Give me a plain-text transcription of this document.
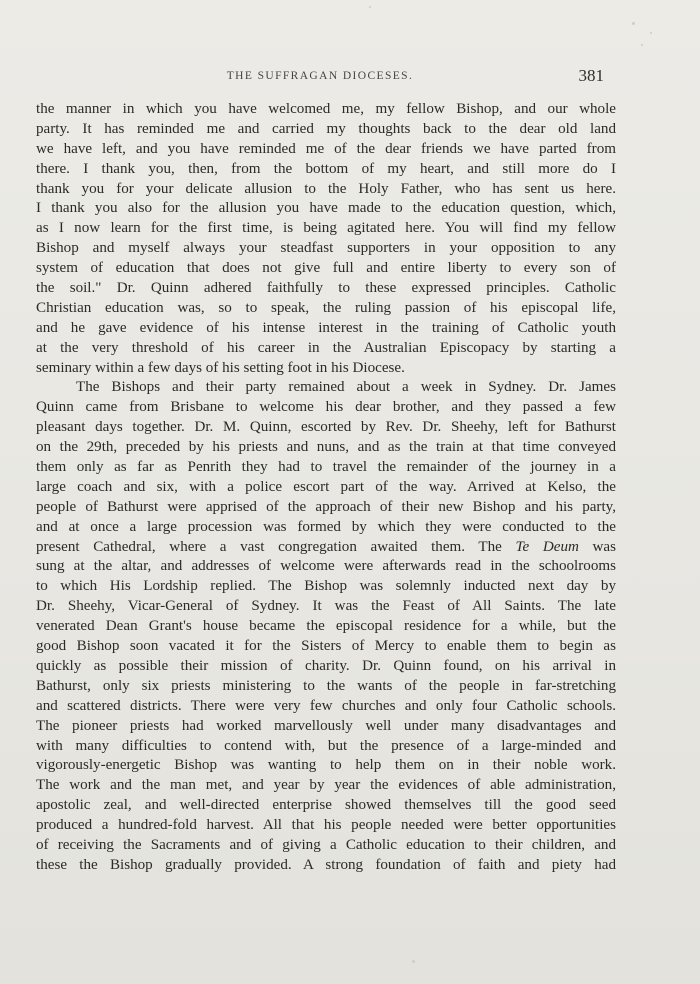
THE SUFFRAGAN DIOCESES.	381
the manner in which you have welcomed me, my fellow Bishop, and our whole
party. It has reminded me and carried my thoughts back to the dear old land
we have left, and you have reminded me of the dear friends we have parted from
there. I thank you, then, from the bottom of my heart, and still more do I
thank you for your delicate allusion to the Holy Father, who has sent us here.
I thank you also for the allusion you have made to the education question, which,
as I now learn for the first time, is being agitated here. You will find my fellow
Bishop and myself always your steadfast supporters in your opposition to any
system of education that does not give full and entire liberty to every son of
the soil." Dr. Quinn adhered faithfully to these expressed principles. Catholic
Christian education was, so to speak, the ruling passion of his episcopal life,
and he gave evidence of his intense interest in the training of Catholic youth
at the very threshold of his career in the Australian Episcopacy by starting a
seminary within a few days of his setting foot in his Diocese.
The Bishops and their party remained about a week in Sydney. Dr. James
Quinn came from Brisbane to welcome his dear brother, and they passed a few
pleasant days together. Dr. M. Quinn, escorted by Rev. Dr. Sheehy, left for Bathurst
on the 29th, preceded by his priests and nuns, and as the train at that time conveyed
them only as far as Penrith they had to travel the remainder of the journey in a
large coach and six, with a police escort part of the way. Arrived at Kelso, the
people of Bathurst were apprised of the approach of their new Bishop and his party,
and at once a large procession was formed by which they were conducted to the
present Cathedral, where a vast congregation awaited them. The Te Deum was
sung at the altar, and addresses of welcome were afterwards read in the schoolrooms
to which His Lordship replied. The Bishop was solemnly inducted next day by
Dr. Sheehy, Vicar-General of Sydney. It was the Feast of All Saints. The late
venerated Dean Grant's house became the episcopal residence for a while, but the
good Bishop soon vacated it for the Sisters of Mercy to enable them to begin as
quickly as possible their mission of charity. Dr. Quinn found, on his arrival in
Bathurst, only six priests ministering to the wants of the people in far-stretching
and scattered districts. There were very few churches and only four Catholic schools.
The pioneer priests had worked marvellously well under many disadvantages and
with many difficulties to contend with, but the presence of a large-minded and
vigorously-energetic Bishop was wanting to help them on in their noble work.
The work and the man met, and year by year the evidences of able administration,
apostolic zeal, and well-directed enterprise showed themselves till the good seed
produced a hundred-fold harvest. All that his people needed were better opportunities
of receiving the Sacraments and of giving a Catholic education to their children, and
these the Bishop gradually provided. A strong foundation of faith and piety had
